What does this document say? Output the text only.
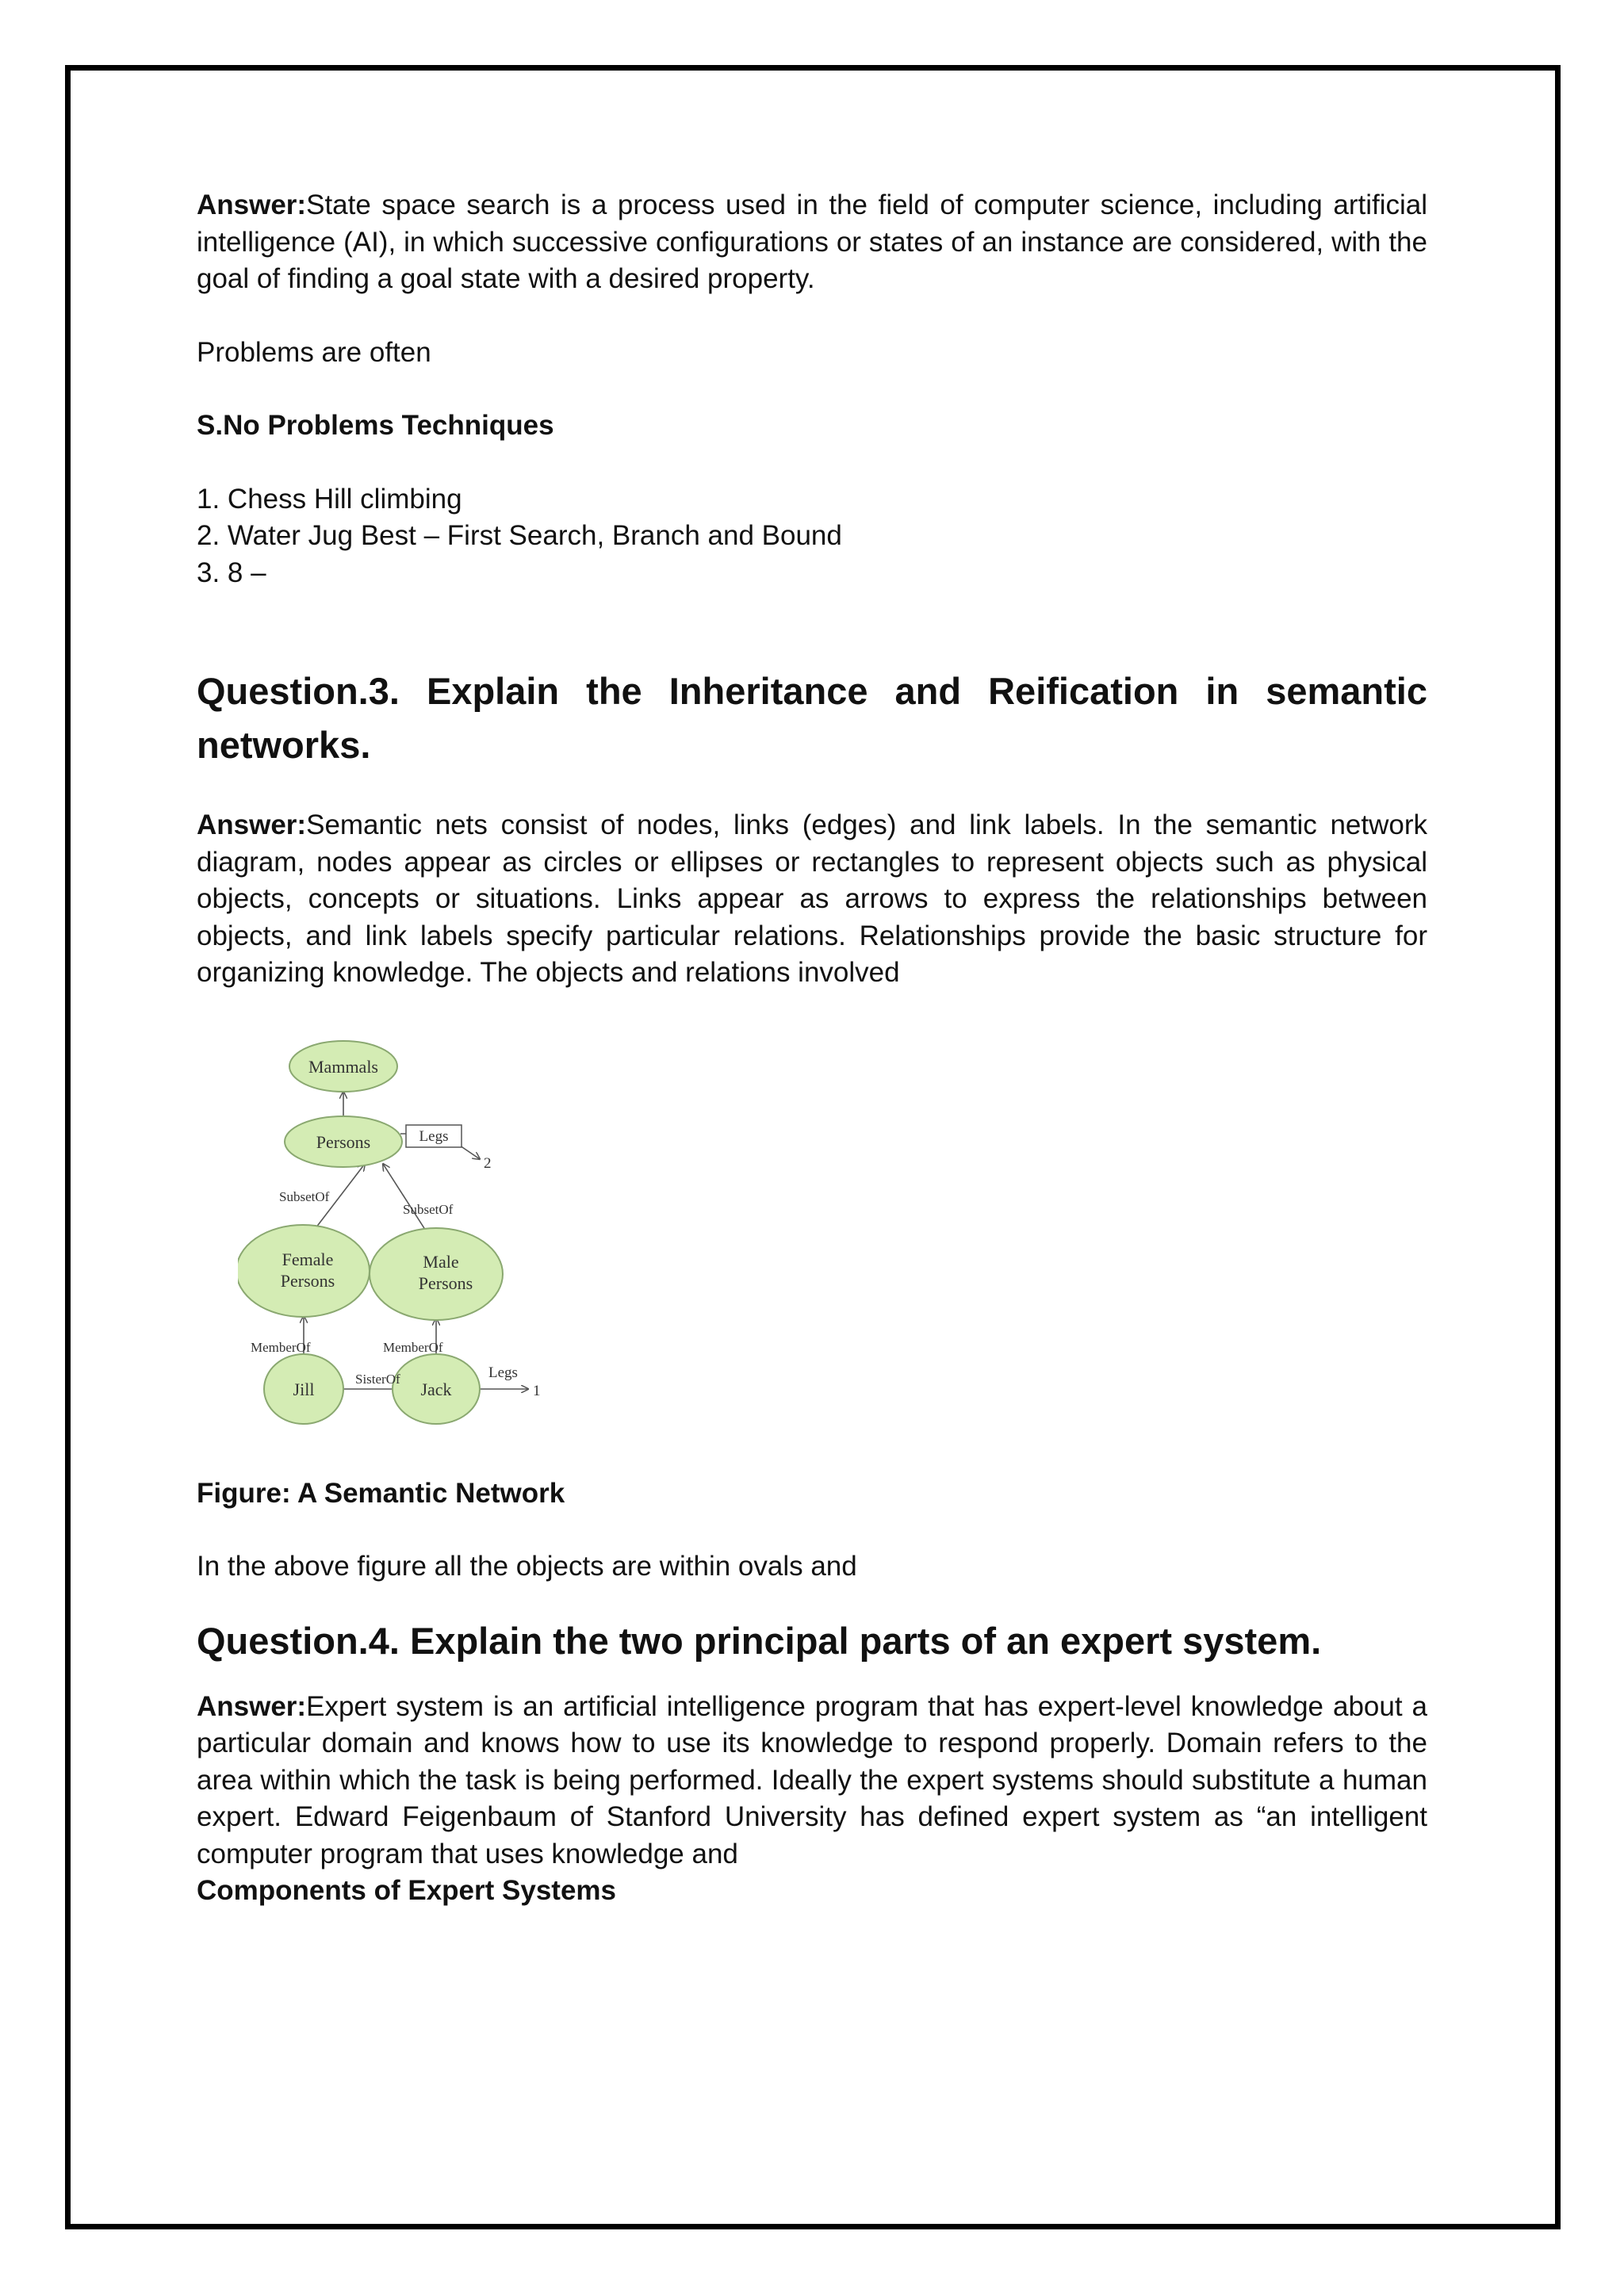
Answer:State space search is a process used in the field of computer science, including artificial intelligence (AI), in which successive configurations or states of an instance are considered, with the goal of finding a goal state with a desired property.

Problems are often

S.No Problems Techniques

1. Chess Hill climbing

2. Water Jug Best – First Search, Branch and Bound

3. 8 –

Question.3. Explain the Inheritance and Reification in semantic networks.

Answer:Semantic nets consist of nodes, links (edges) and link labels. In the semantic network diagram, nodes appear as circles or ellipses or rectangles to represent objects such as physical objects, concepts or situations. Links appear as arrows to express the relationships between objects, and link labels specify particular relations. Relationships provide the basic structure for organizing knowledge. The objects and relations involved

Mammals
Persons
Female
Persons
Male
Persons
Jill	Jack
Legs
2
SubsetOf
SubsetOf
MemberOf	MemberOf
SisterOf	Legs
1

Figure: A Semantic Network

In the above figure all the objects are within ovals and

Question.4. Explain the two principal parts of an expert system.

Answer:Expert system is an artificial intelligence program that has expert-level knowledge about a particular domain and knows how to use its knowledge to respond properly. Domain refers to the area within which the task is being performed. Ideally the expert systems should substitute a human expert. Edward Feigenbaum of Stanford University has defined expert system as “an intelligent computer program that uses knowledge and

Components of Expert Systems
